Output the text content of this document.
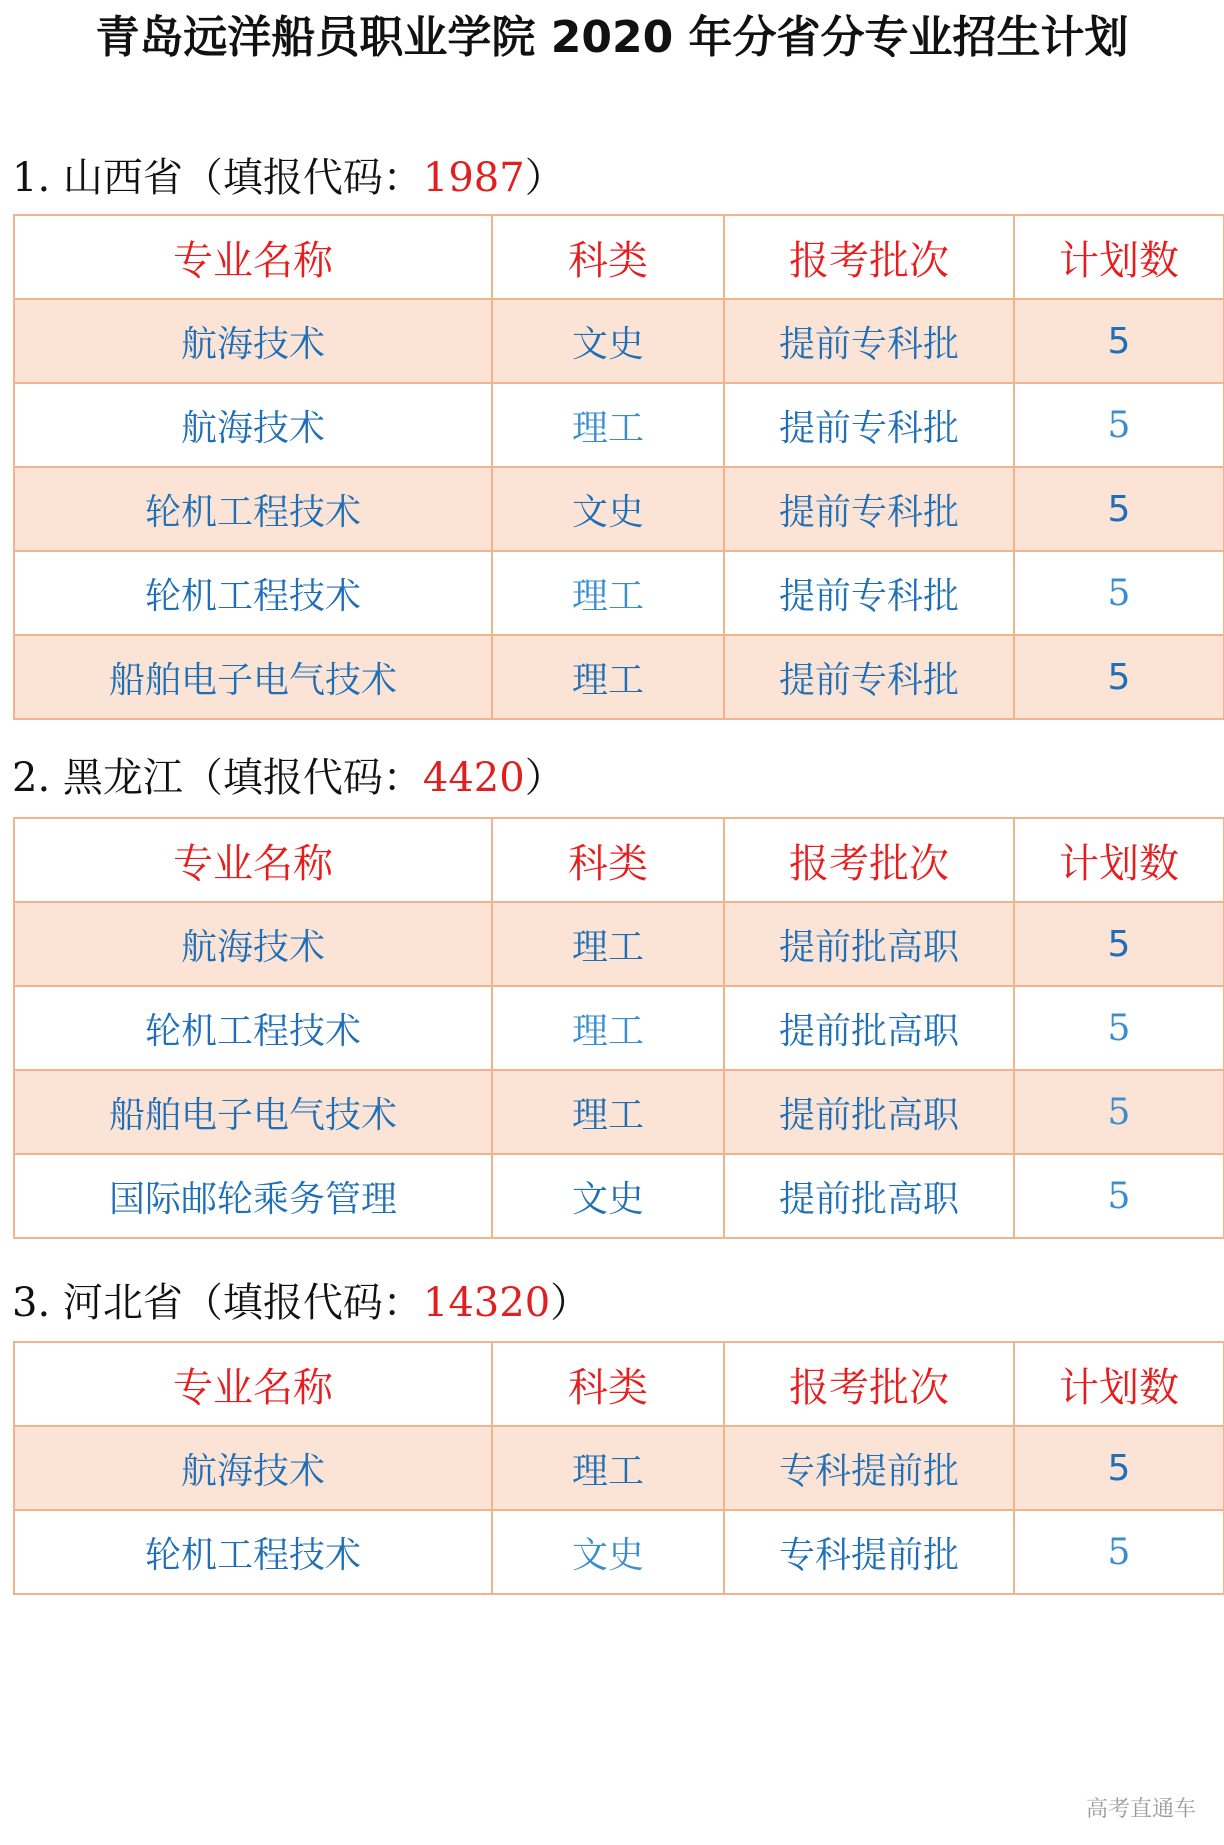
青岛远洋船员职业学院 2020 年分省分专业招生计划

1. 山西省（填报代码：1987）

专业名称	科类	报考批次	计划数
航海技术	文史	提前专科批	5
航海技术	理工	提前专科批	5
轮机工程技术	文史	提前专科批	5
轮机工程技术	理工	提前专科批	5
船舶电子电气技术	理工	提前专科批	5

2. 黑龙江（填报代码：4420）

专业名称	科类	报考批次	计划数
航海技术	理工	提前批高职	5
轮机工程技术	理工	提前批高职	5
船舶电子电气技术	理工	提前批高职	5
国际邮轮乘务管理	文史	提前批高职	5

3. 河北省（填报代码：14320）

专业名称	科类	报考批次	计划数
航海技术	理工	专科提前批	5
轮机工程技术	文史	专科提前批	5
高考直通车
